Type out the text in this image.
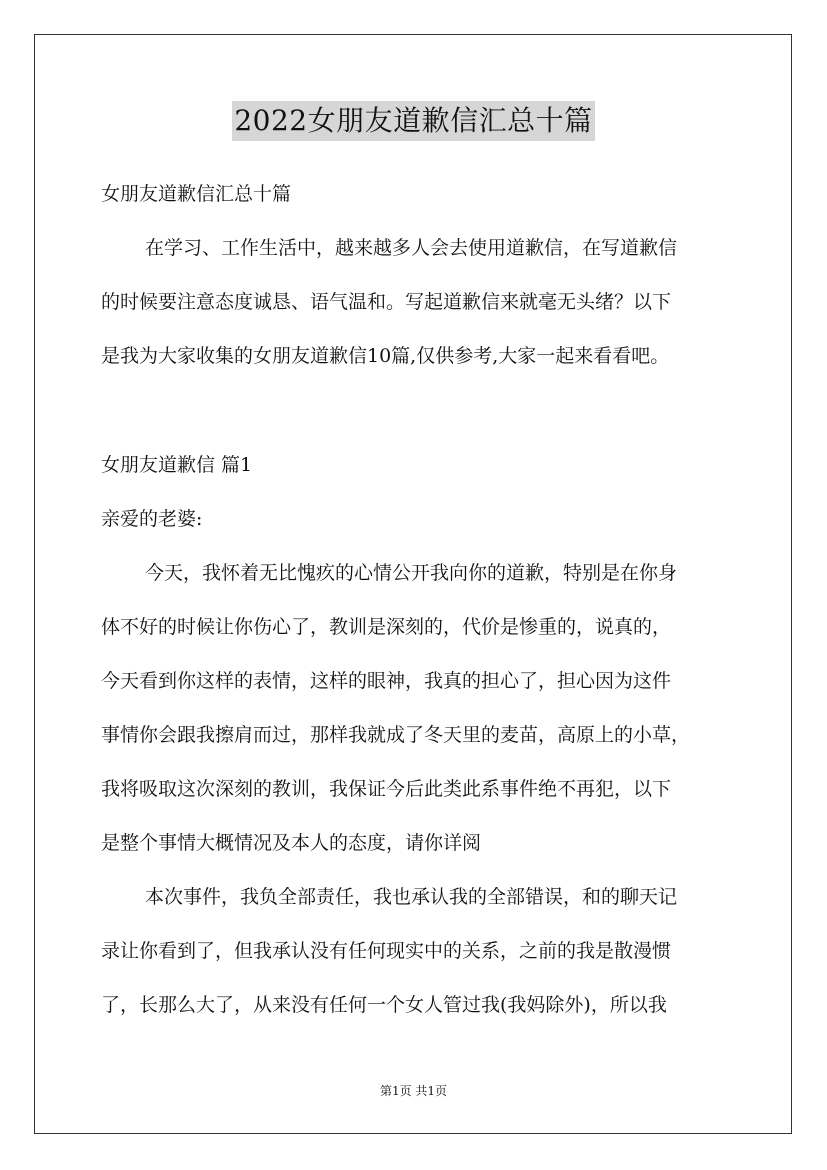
2022女朋友道歉信汇总十篇
女朋友道歉信汇总十篇
在学习、工作生活中，越来越多人会去使用道歉信，在写道歉信
的时候要注意态度诚恳、语气温和。写起道歉信来就毫无头绪？以下
是我为大家收集的女朋友道歉信10篇,仅供参考,大家一起来看看吧。
女朋友道歉信 篇1
亲爱的老婆:
今天，我怀着无比愧疚的心情公开我向你的道歉，特别是在你身
体不好的时候让你伤心了，教训是深刻的，代价是惨重的，说真的，
今天看到你这样的表情，这样的眼神，我真的担心了，担心因为这件
事情你会跟我擦肩而过，那样我就成了冬天里的麦苗，高原上的小草，
我将吸取这次深刻的教训，我保证今后此类此系事件绝不再犯，以下
是整个事情大概情况及本人的态度，请你详阅
本次事件，我负全部责任，我也承认我的全部错误，和的聊天记
录让你看到了，但我承认没有任何现实中的关系，之前的我是散漫惯
了，长那么大了，从来没有任何一个女人管过我(我妈除外)，所以我
第1页 共1页
